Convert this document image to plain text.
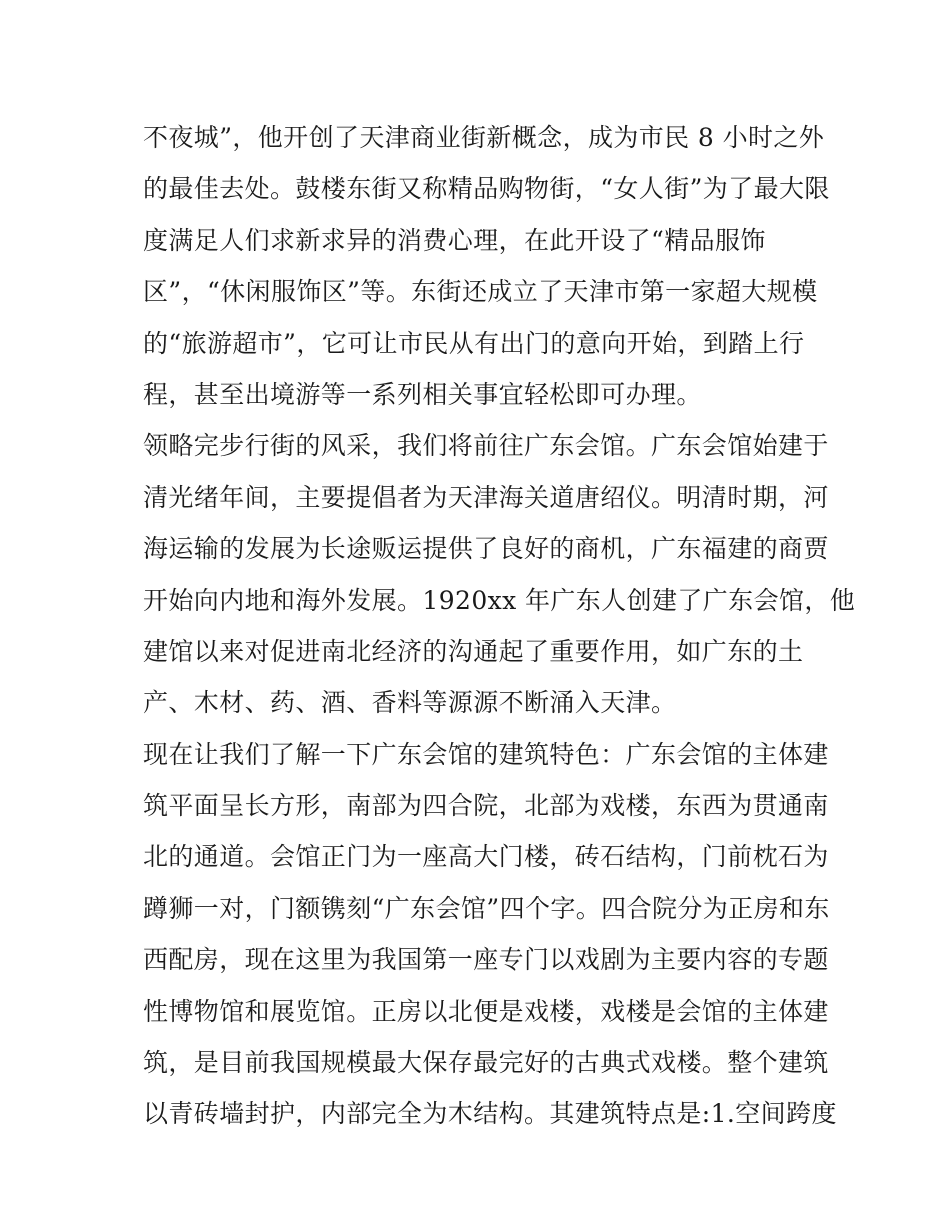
不夜城”，他开创了天津商业街新概念，成为市民 8 小时之外
的最佳去处。鼓楼东街又称精品购物街，“女人街”为了最大限
度满足人们求新求异的消费心理，在此开设了“精品服饰
区”，“休闲服饰区”等。东街还成立了天津市第一家超大规模
的“旅游超市”，它可让市民从有出门的意向开始，到踏上行
程，甚至出境游等一系列相关事宜轻松即可办理。
领略完步行街的风采，我们将前往广东会馆。广东会馆始建于
清光绪年间，主要提倡者为天津海关道唐绍仪。明清时期，河
海运输的发展为长途贩运提供了良好的商机，广东福建的商贾
开始向内地和海外发展。1920xx 年广东人创建了广东会馆，他
建馆以来对促进南北经济的沟通起了重要作用，如广东的土
产、木材、药、酒、香料等源源不断涌入天津。
现在让我们了解一下广东会馆的建筑特色：广东会馆的主体建
筑平面呈长方形，南部为四合院，北部为戏楼，东西为贯通南
北的通道。会馆正门为一座高大门楼，砖石结构，门前枕石为
蹲狮一对，门额镌刻“广东会馆”四个字。四合院分为正房和东
西配房，现在这里为我国第一座专门以戏剧为主要内容的专题
性博物馆和展览馆。正房以北便是戏楼，戏楼是会馆的主体建
筑，是目前我国规模最大保存最完好的古典式戏楼。整个建筑
以青砖墙封护，内部完全为木结构。其建筑特点是:1.空间跨度
